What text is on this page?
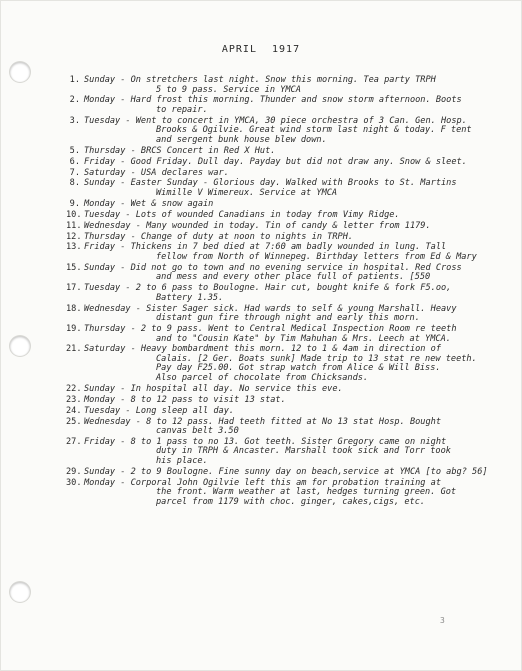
APRIL 1917
1. Sunday - On stretchers last night. Snow this morning. Tea party TRPH
5 to 9 pass. Service in YMCA
2. Monday - Hard frost this morning. Thunder and snow storm afternoon. Boots
to repair.
3. Tuesday - Went to concert in YMCA, 30 piece orchestra of 3 Can. Gen. Hosp.
Brooks & Ogilvie. Great wind storm last night & today. F tent
and sergent bunk house blew down.
5. Thursday - BRCS Concert in Red X Hut.
6. Friday - Good Friday. Dull day. Payday but did not draw any. Snow & sleet.
7. Saturday - USA declares war.
8. Sunday - Easter Sunday - Glorious day. Walked with Brooks to St. Martins
Wimille V Wimereux. Service at YMCA
9. Monday - Wet & snow again
10. Tuesday - Lots of wounded Canadians in today from Vimy Ridge.
11. Wednesday - Many wounded in today. Tin of candy & letter from 1179.
12. Thursday - Change of duty at noon to nights in TRPH.
13. Friday - Thickens in 7 bed died at 7:60 am badly wounded in lung. Tall
fellow from North of Winnepeg. Birthday letters from Ed & Mary
15. Sunday - Did not go to town and no evening service in hospital. Red Cross
and mess and every other place full of patients. [550
17. Tuesday - 2 to 6 pass to Boulogne. Hair cut, bought knife & fork F5.oo,
Battery 1.35.
18. Wednesday - Sister Sager sick. Had wards to self & young Marshall. Heavy
distant gun fire through night and early this morn.
19. Thursday - 2 to 9 pass. Went to Central Medical Inspection Room re teeth
and to "Cousin Kate" by Tim Mahuhan & Mrs. Leech at YMCA.
21. Saturday - Heavy bombardment this morn. 12 to 1 & 4am in direction of
Calais. [2 Ger. Boats sunk] Made trip to 13 stat re new teeth.
Pay day F25.00. Got strap watch from Alice & Will Biss.
Also parcel of chocolate from Chicksands.
22. Sunday - In hospital all day. No service this eve.
23. Monday - 8 to 12 pass to visit 13 stat.
24. Tuesday - Long sleep all day.
25. Wednesday - 8 to 12 pass. Had teeth fitted at No 13 stat Hosp. Bought
canvas belt 3.50
27. Friday - 8 to 1 pass to no 13. Got teeth. Sister Gregory came on night
duty in TRPH & Ancaster. Marshall took sick and Torr took
his place.
29. Sunday - 2 to 9 Boulogne. Fine sunny day on beach,service at YMCA [to abg? 56]
30. Monday - Corporal John Ogilvie left this am for probation training at
the front. Warm weather at last, hedges turning green. Got
parcel from 1179 with choc. ginger, cakes,cigs, etc.
3
